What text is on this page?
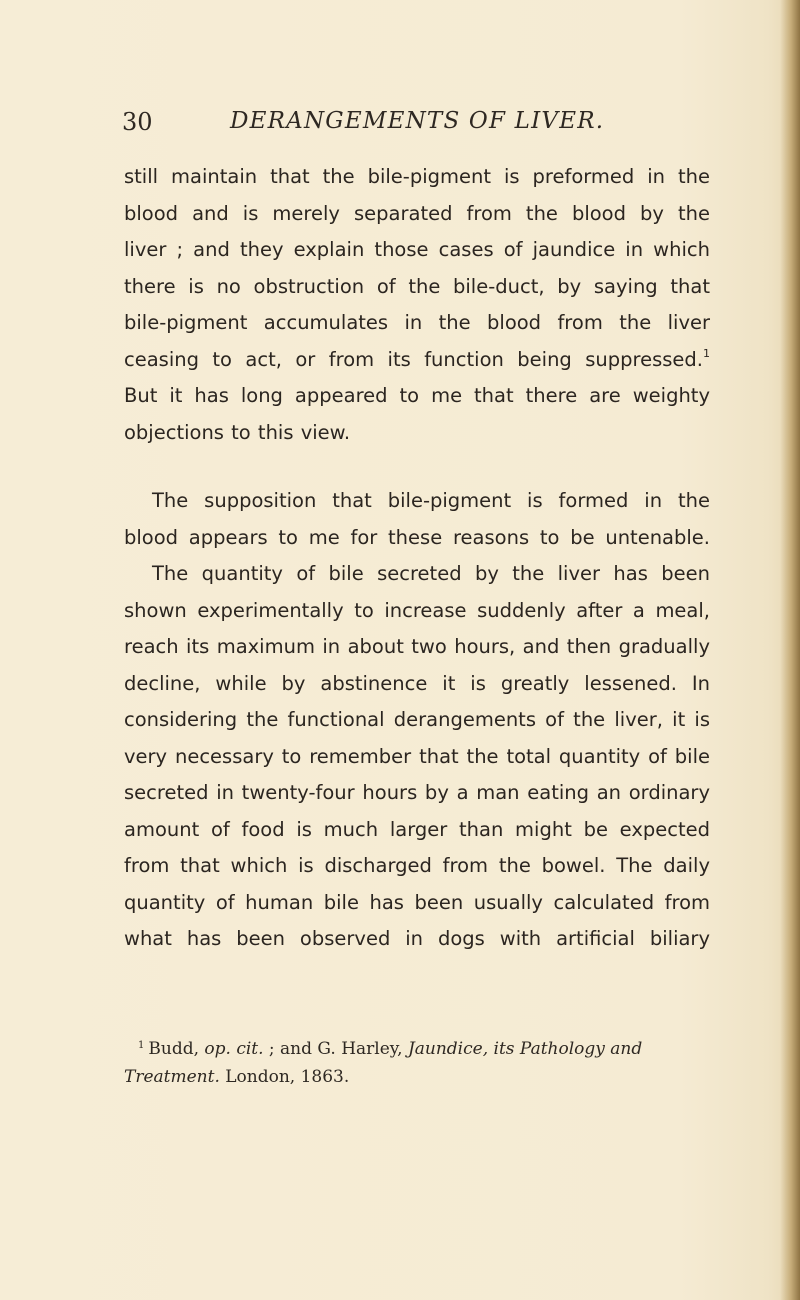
30	DERANGEMENTS OF LIVER.
still maintain that the bile-pigment is preformed in the
blood and is merely separated from the blood by the
liver ; and they explain those cases of jaundice in which
there is no obstruction of the bile-duct, by saying that
bile-pigment accumulates in the blood from the liver
ceasing to act, or from its function being suppressed.$^1$
But it has long appeared to me that there are weighty
objections to this view.
The supposition that bile-pigment is formed in the
blood appears to me for these reasons to be untenable.
The quantity of bile secreted by the liver has been
shown experimentally to increase suddenly after a meal,
reach its maximum in about two hours, and then gradually
decline, while by abstinence it is greatly lessened. In
considering the functional derangements of the liver, it is
very necessary to remember that the total quantity of bile
secreted in twenty-four hours by a man eating an ordinary
amount of food is much larger than might be expected
from that which is discharged from the bowel. The daily
quantity of human bile has been usually calculated from
what has been observed in dogs with artificial biliary
$^1$ Budd, op. cit. ; and G. Harley, Jaundice, its Pathology and
Treatment. London, 1863.
